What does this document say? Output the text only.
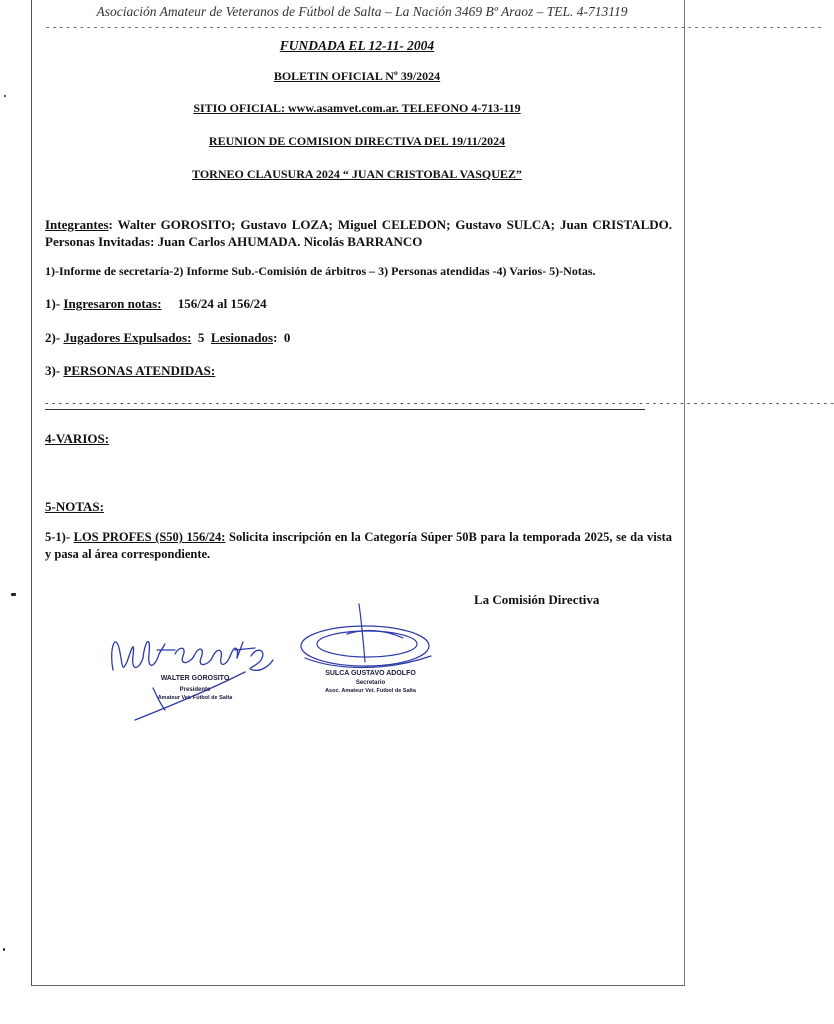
Asociación Amateur de Veteranos de Fútbol de Salta – La Nación 3469 Bº Araoz – TEL. 4-713119
- - - - - - - - - - - - - - - - - - - - - - - - - - - - - - - - - - - - - - - - - - - - - - - - - - - - - - - - - - - - - - - - - - - - - - - - - - - - - - - - - - - - - - - - - - - - - - - - - - - - - - - - - - - - - - - - - -
FUNDADA EL 12-11- 2004
BOLETIN OFICIAL Nº 39/2024
SITIO OFICIAL: www.asamvet.com.ar. TELEFONO 4-713-119
REUNION DE COMISION DIRECTIVA DEL 19/11/2024
TORNEO CLAUSURA 2024 “ JUAN CRISTOBAL VASQUEZ”
Integrantes: Walter GOROSITO; Gustavo LOZA; Miguel CELEDON; Gustavo SULCA; Juan CRISTALDO. Personas Invitadas: Juan Carlos AHUMADA. Nicolás BARRANCO
1)-Informe de secretaría-2) Informe Sub.-Comisión de árbitros – 3) Personas atendidas -4) Varios- 5)-Notas.
1)- Ingresaron notas: 156/24 al 156/24
2)- Jugadores Expulsados: 5 Lesionados:  0
3)- PERSONAS ATENDIDAS:
- - - - - - - - - - - - - - - - - - - - - - - - - - - - - - - - - - - - - - - - - - - - - - - - - - - - - - - - - - - - - - - - - - - - - - - - - - - - - - - - - - - - - - - - - - - - - - - - - - - - - - - - - - - - - - - - - - - -
4-VARIOS:
5-NOTAS:
5-1)- LOS PROFES (S50) 156/24: Solicita inscripción en la Categoría Súper 50B para la temporada 2025, se da vista y pasa al área correspondiente.
La Comisión Directiva
WALTER GOROSITO
Presidente
Amateur Vet. Fútbol de Salta
SULCA GUSTAVO ADOLFO
Secretario
Asoc. Amateur Vet. Futbol de Salta
